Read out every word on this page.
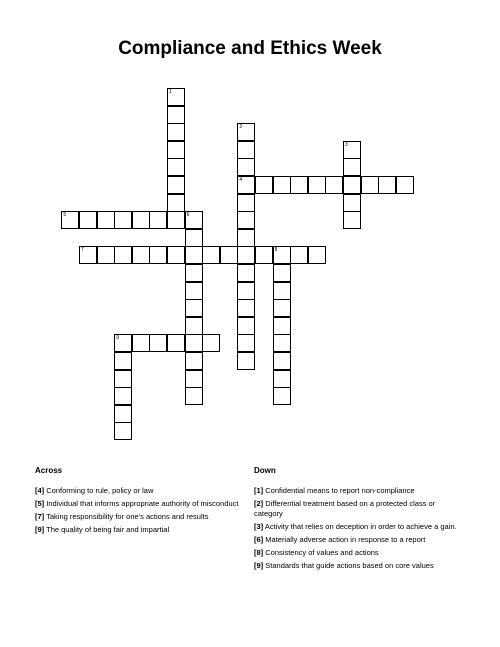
Compliance and Ethics Week
1
2
4
3
5	6
7	8
9
Across
[4] Conforming to rule, policy or law
[5] Individual that informs appropriate authority of misconduct
[7] Taking responsibility for one's actions and results
[9] The quality of being fair and impartial
Down
[1] Confidential means to report non-compliance
[2] Differential treatment based on a protected class or category
[3] Activity that relies on deception in order to achieve a gain.
[6] Materially adverse action in response to a report
[8] Consistency of values and actions
[9] Standards that guide actions based on core values
